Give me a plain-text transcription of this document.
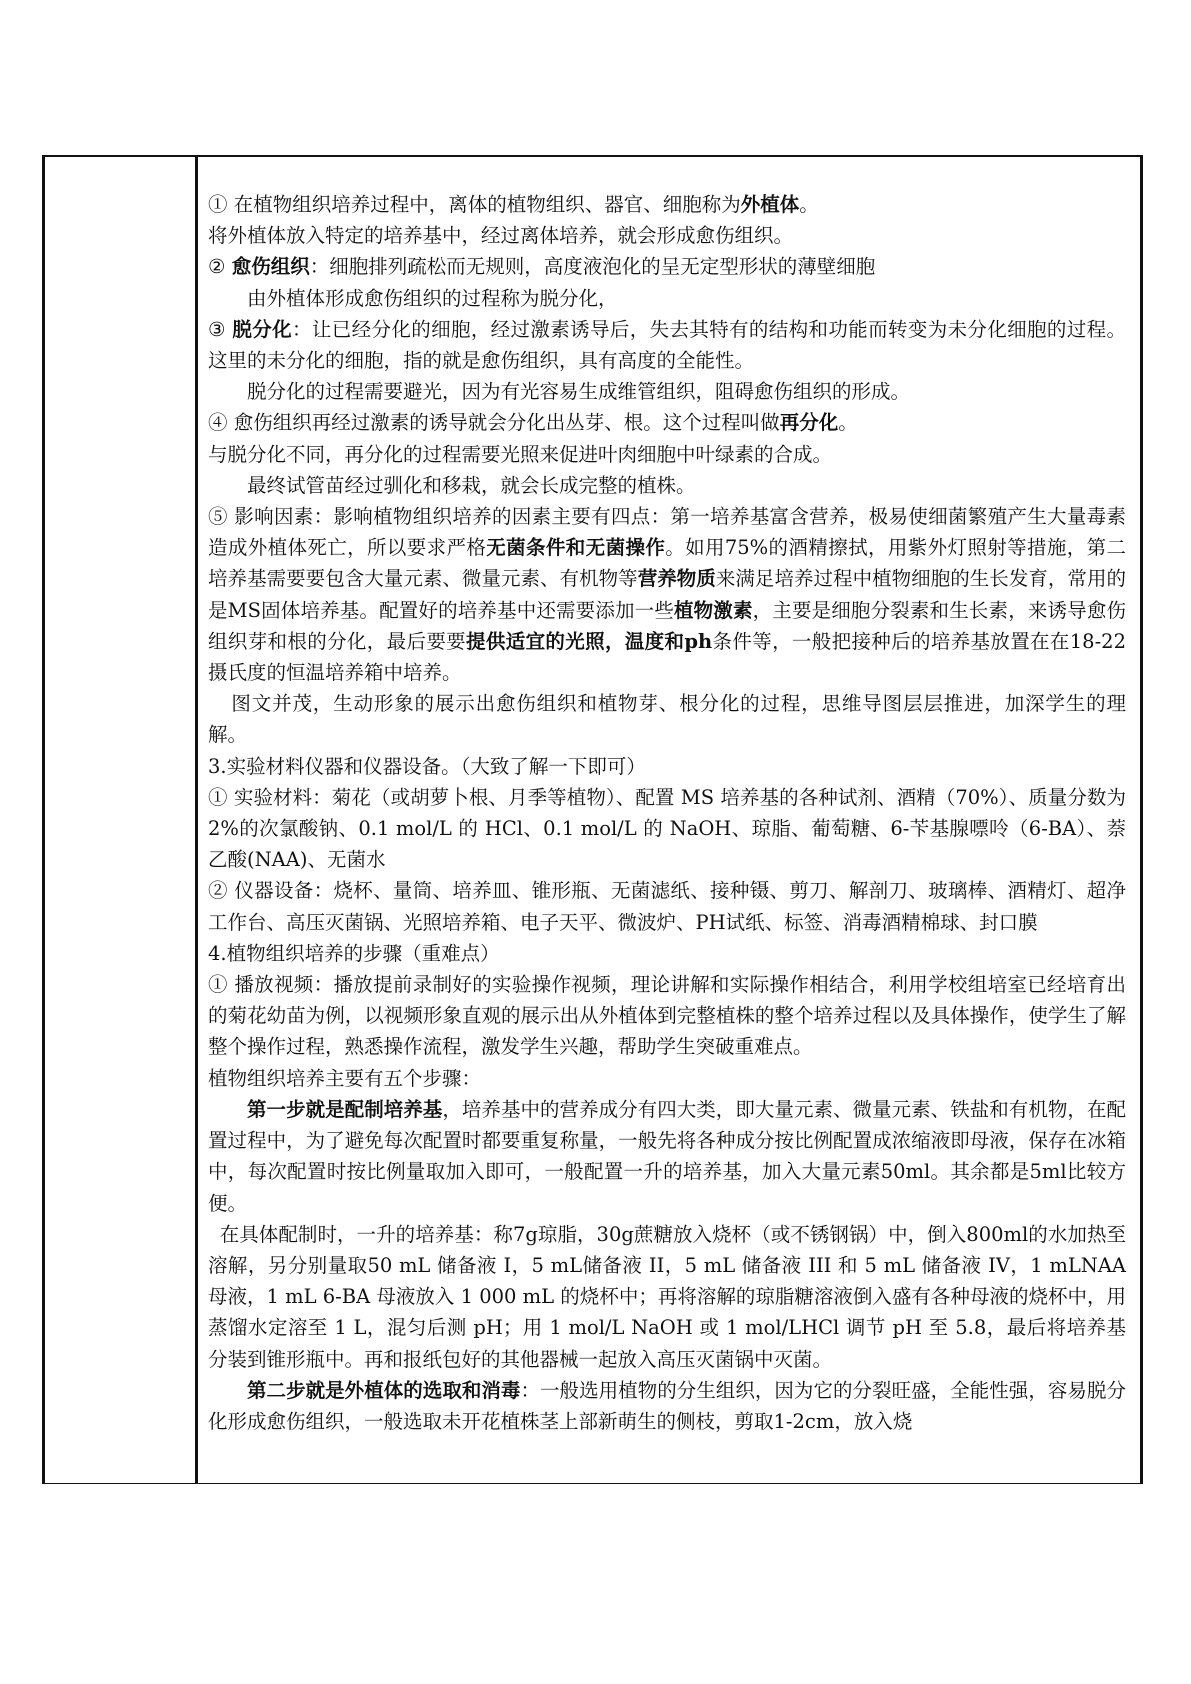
① 在植物组织培养过程中，离体的植物组织、器官、细胞称为外植体。

将外植体放入特定的培养基中，经过离体培养，就会形成愈伤组织。

② 愈伤组织：细胞排列疏松而无规则，高度液泡化的呈无定型形状的薄壁细胞

由外植体形成愈伤组织的过程称为脱分化，

③ 脱分化：让已经分化的细胞，经过激素诱导后，失去其特有的结构和功能而转变为未分化细胞的过程。这里的未分化的细胞，指的就是愈伤组织，具有高度的全能性。

脱分化的过程需要避光，因为有光容易生成维管组织，阻碍愈伤组织的形成。

④ 愈伤组织再经过激素的诱导就会分化出丛芽、根。这个过程叫做再分化。

与脱分化不同，再分化的过程需要光照来促进叶肉细胞中叶绿素的合成。

最终试管苗经过驯化和移栽，就会长成完整的植株。

⑤ 影响因素：影响植物组织培养的因素主要有四点：第一培养基富含营养，极易使细菌繁殖产生大量毒素造成外植体死亡，所以要求严格无菌条件和无菌操作。如用75%的酒精擦拭，用紫外灯照射等措施，第二培养基需要要包含大量元素、微量元素、有机物等营养物质来满足培养过程中植物细胞的生长发育，常用的是MS固体培养基。配置好的培养基中还需要添加一些植物激素，主要是细胞分裂素和生长素，来诱导愈伤组织芽和根的分化，最后要要提供适宜的光照，温度和ph条件等，一般把接种后的培养基放置在在18-22摄氏度的恒温培养箱中培养。

图文并茂，生动形象的展示出愈伤组织和植物芽、根分化的过程，思维导图层层推进，加深学生的理解。

3.实验材料仪器和仪器设备。（大致了解一下即可）

① 实验材料：菊花（或胡萝卜根、月季等植物）、配置 MS 培养基的各种试剂、酒精（70%）、质量分数为2%的次氯酸钠、0.1 mol/L 的 HCl、0.1 mol/L 的 NaOH、琼脂、葡萄糖、6-苄基腺嘌呤（6-BA）、萘乙酸(NAA)、无菌水

② 仪器设备：烧杯、量筒、培养皿、锥形瓶、无菌滤纸、接种镊、剪刀、解剖刀、玻璃棒、酒精灯、超净工作台、高压灭菌锅、光照培养箱、电子天平、微波炉、PH试纸、标签、消毒酒精棉球、封口膜

4.植物组织培养的步骤（重难点）

① 播放视频：播放提前录制好的实验操作视频，理论讲解和实际操作相结合，利用学校组培室已经培育出的菊花幼苗为例，以视频形象直观的展示出从外植体到完整植株的整个培养过程以及具体操作，使学生了解整个操作过程，熟悉操作流程，激发学生兴趣，帮助学生突破重难点。

植物组织培养主要有五个步骤：

第一步就是配制培养基，培养基中的营养成分有四大类，即大量元素、微量元素、铁盐和有机物，在配置过程中，为了避免每次配置时都要重复称量，一般先将各种成分按比例配置成浓缩液即母液，保存在冰箱中，每次配置时按比例量取加入即可，一般配置一升的培养基，加入大量元素50ml。其余都是5ml比较方便。

在具体配制时，一升的培养基：称7g琼脂，30g蔗糖放入烧杯（或不锈钢锅）中，倒入800ml的水加热至溶解，另分别量取50 mL 储备液 I，5 mL储备液 II，5 mL 储备液 III 和 5 mL 储备液 IV，1 mLNAA 母液，1 mL 6-BA 母液放入 1 000 mL 的烧杯中；再将溶解的琼脂糖溶液倒入盛有各种母液的烧杯中，用蒸馏水定溶至 1 L，混匀后测 pH；用 1 mol/L NaOH 或 1 mol/LHCl 调节 pH 至 5.8，最后将培养基分装到锥形瓶中。再和报纸包好的其他器械一起放入高压灭菌锅中灭菌。

第二步就是外植体的选取和消毒：一般选用植物的分生组织，因为它的分裂旺盛，全能性强，容易脱分化形成愈伤组织，一般选取未开花植株茎上部新萌生的侧枝，剪取1-2cm，放入烧
